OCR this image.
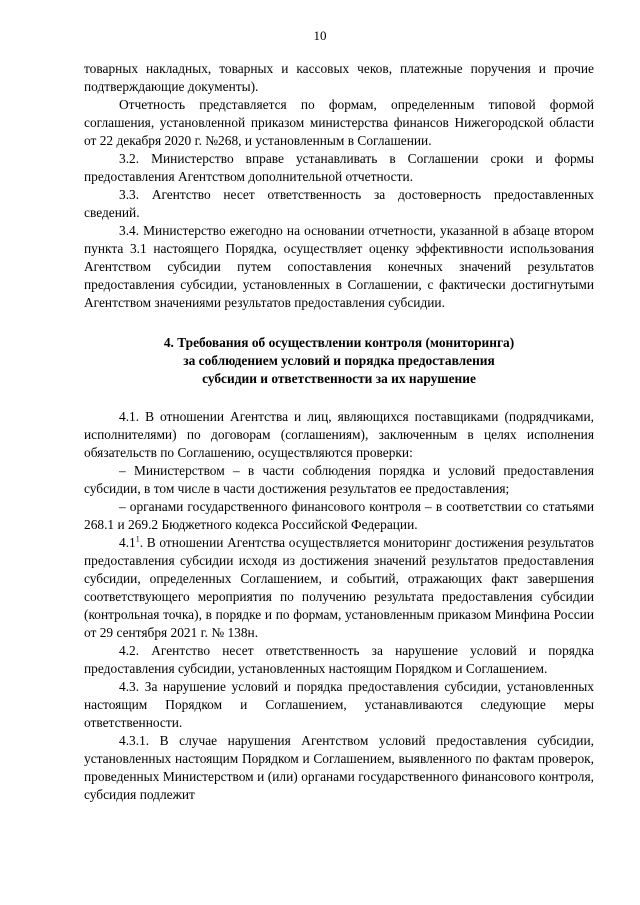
10

товарных накладных, товарных и кассовых чеков, платежные поручения и прочие подтверждающие документы).

Отчетность представляется по формам, определенным типовой формой соглашения, установленной приказом министерства финансов Нижегородской области от 22 декабря 2020 г. №268, и установленным в Соглашении.

3.2. Министерство вправе устанавливать в Соглашении сроки и формы предоставления Агентством дополнительной отчетности.

3.3. Агентство несет ответственность за достоверность предоставленных сведений.

3.4. Министерство ежегодно на основании отчетности, указанной в абзаце втором пункта 3.1 настоящего Порядка, осуществляет оценку эффективности использования Агентством субсидии путем сопоставления конечных значений результатов предоставления субсидии, установленных в Соглашении, с фактически достигнутыми Агентством значениями результатов предоставления субсидии.

4. Требования об осуществлении контроля (мониторинга)
за соблюдением условий и порядка предоставления
субсидии и ответственности за их нарушение

4.1. В отношении Агентства и лиц, являющихся поставщиками (подрядчиками, исполнителями) по договорам (соглашениям), заключенным в целях исполнения обязательств по Соглашению, осуществляются проверки:

– Министерством – в части соблюдения порядка и условий предоставления субсидии, в том числе в части достижения результатов ее предоставления;

– органами государственного финансового контроля – в соответствии со статьями 268.1 и 269.2 Бюджетного кодекса Российской Федерации.

$4.1^1$. В отношении Агентства осуществляется мониторинг достижения результатов предоставления субсидии исходя из достижения значений результатов предоставления субсидии, определенных Соглашением, и событий, отражающих факт завершения соответствующего мероприятия по получению результата предоставления субсидии (контрольная точка), в порядке и по формам, установленным приказом Минфина России от 29 сентября 2021 г. № 138н.

4.2. Агентство несет ответственность за нарушение условий и порядка предоставления субсидии, установленных настоящим Порядком и Соглашением.

4.3. За нарушение условий и порядка предоставления субсидии, установленных настоящим Порядком и Соглашением, устанавливаются следующие меры ответственности.

4.3.1. В случае нарушения Агентством условий предоставления субсидии, установленных настоящим Порядком и Соглашением, выявленного по фактам проверок, проведенных Министерством и (или) органами государственного финансового контроля, субсидия подлежит
